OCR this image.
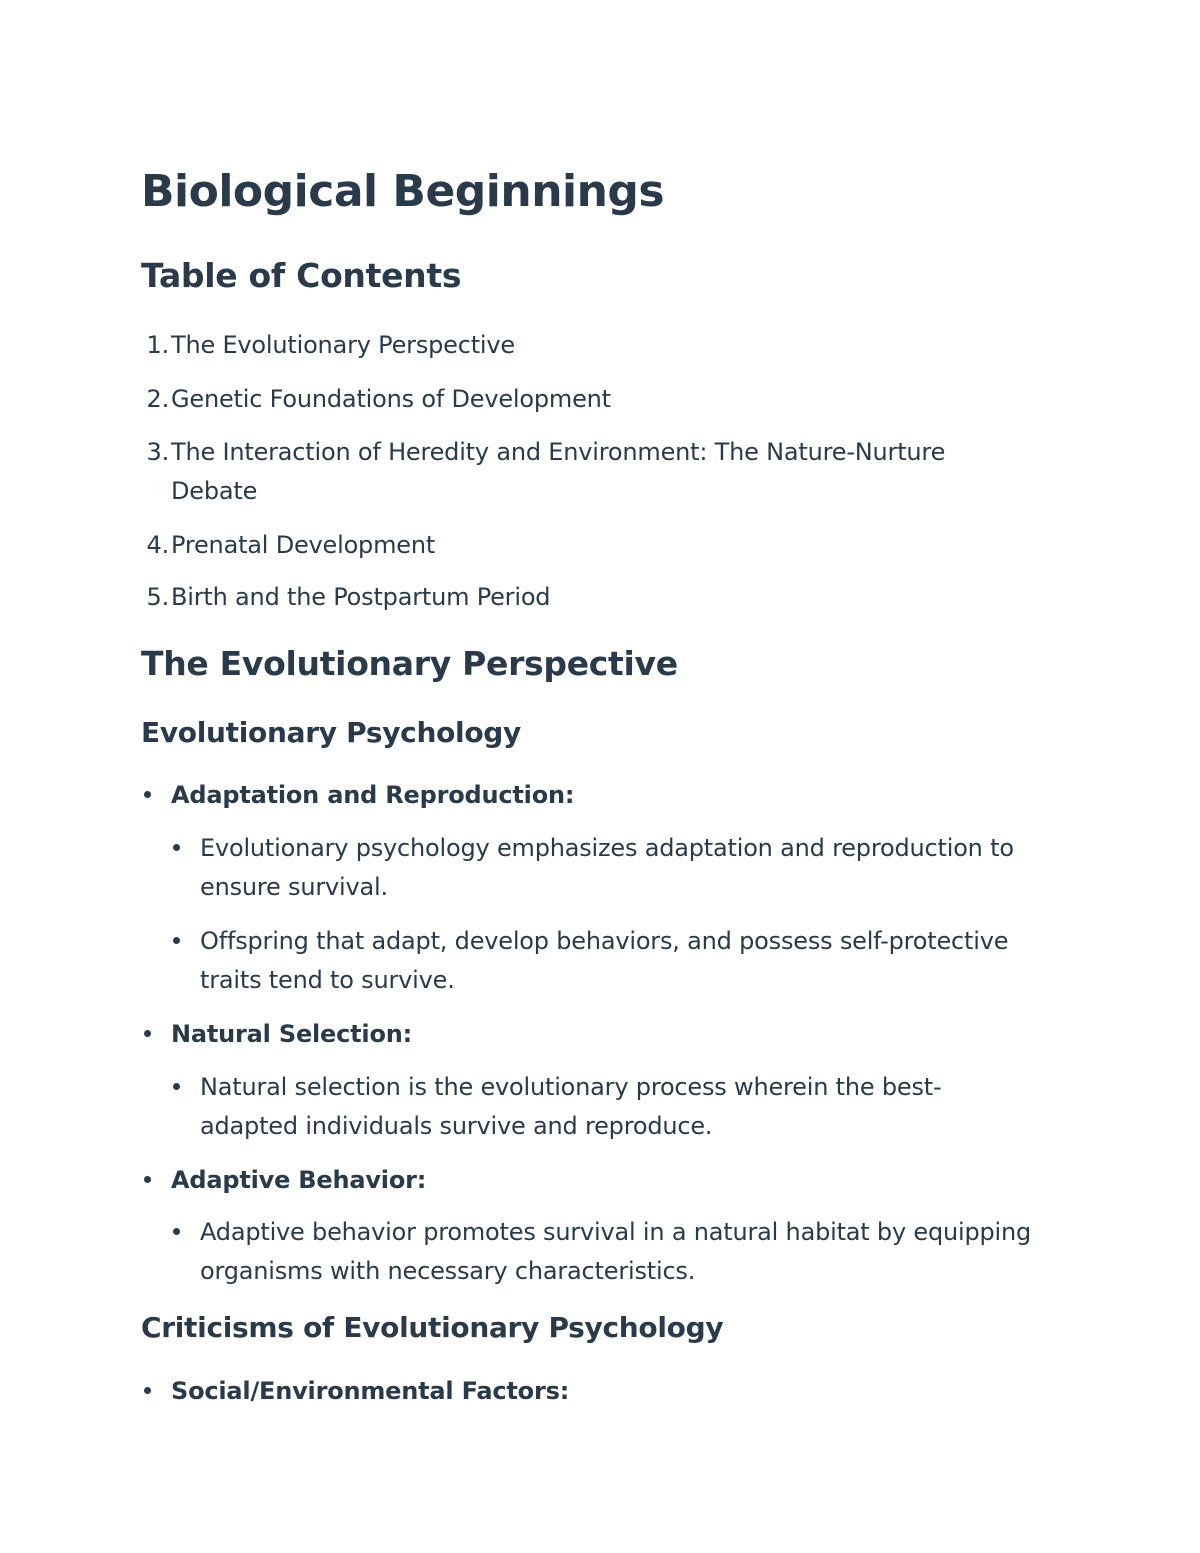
Biological Beginnings
Table of Contents
1. The Evolutionary Perspective
2. Genetic Foundations of Development
3. The Interaction of Heredity and Environment: The Nature-Nurture
Debate
4. Prenatal Development
5. Birth and the Postpartum Period
The Evolutionary Perspective
Evolutionary Psychology
Adaptation and Reproduction:
Evolutionary psychology emphasizes adaptation and reproduction to
ensure survival.
Offspring that adapt, develop behaviors, and possess self-protective
traits tend to survive.
Natural Selection:
Natural selection is the evolutionary process wherein the best-
adapted individuals survive and reproduce.
Adaptive Behavior:
Adaptive behavior promotes survival in a natural habitat by equipping
organisms with necessary characteristics.
Criticisms of Evolutionary Psychology
Social/Environmental Factors:
